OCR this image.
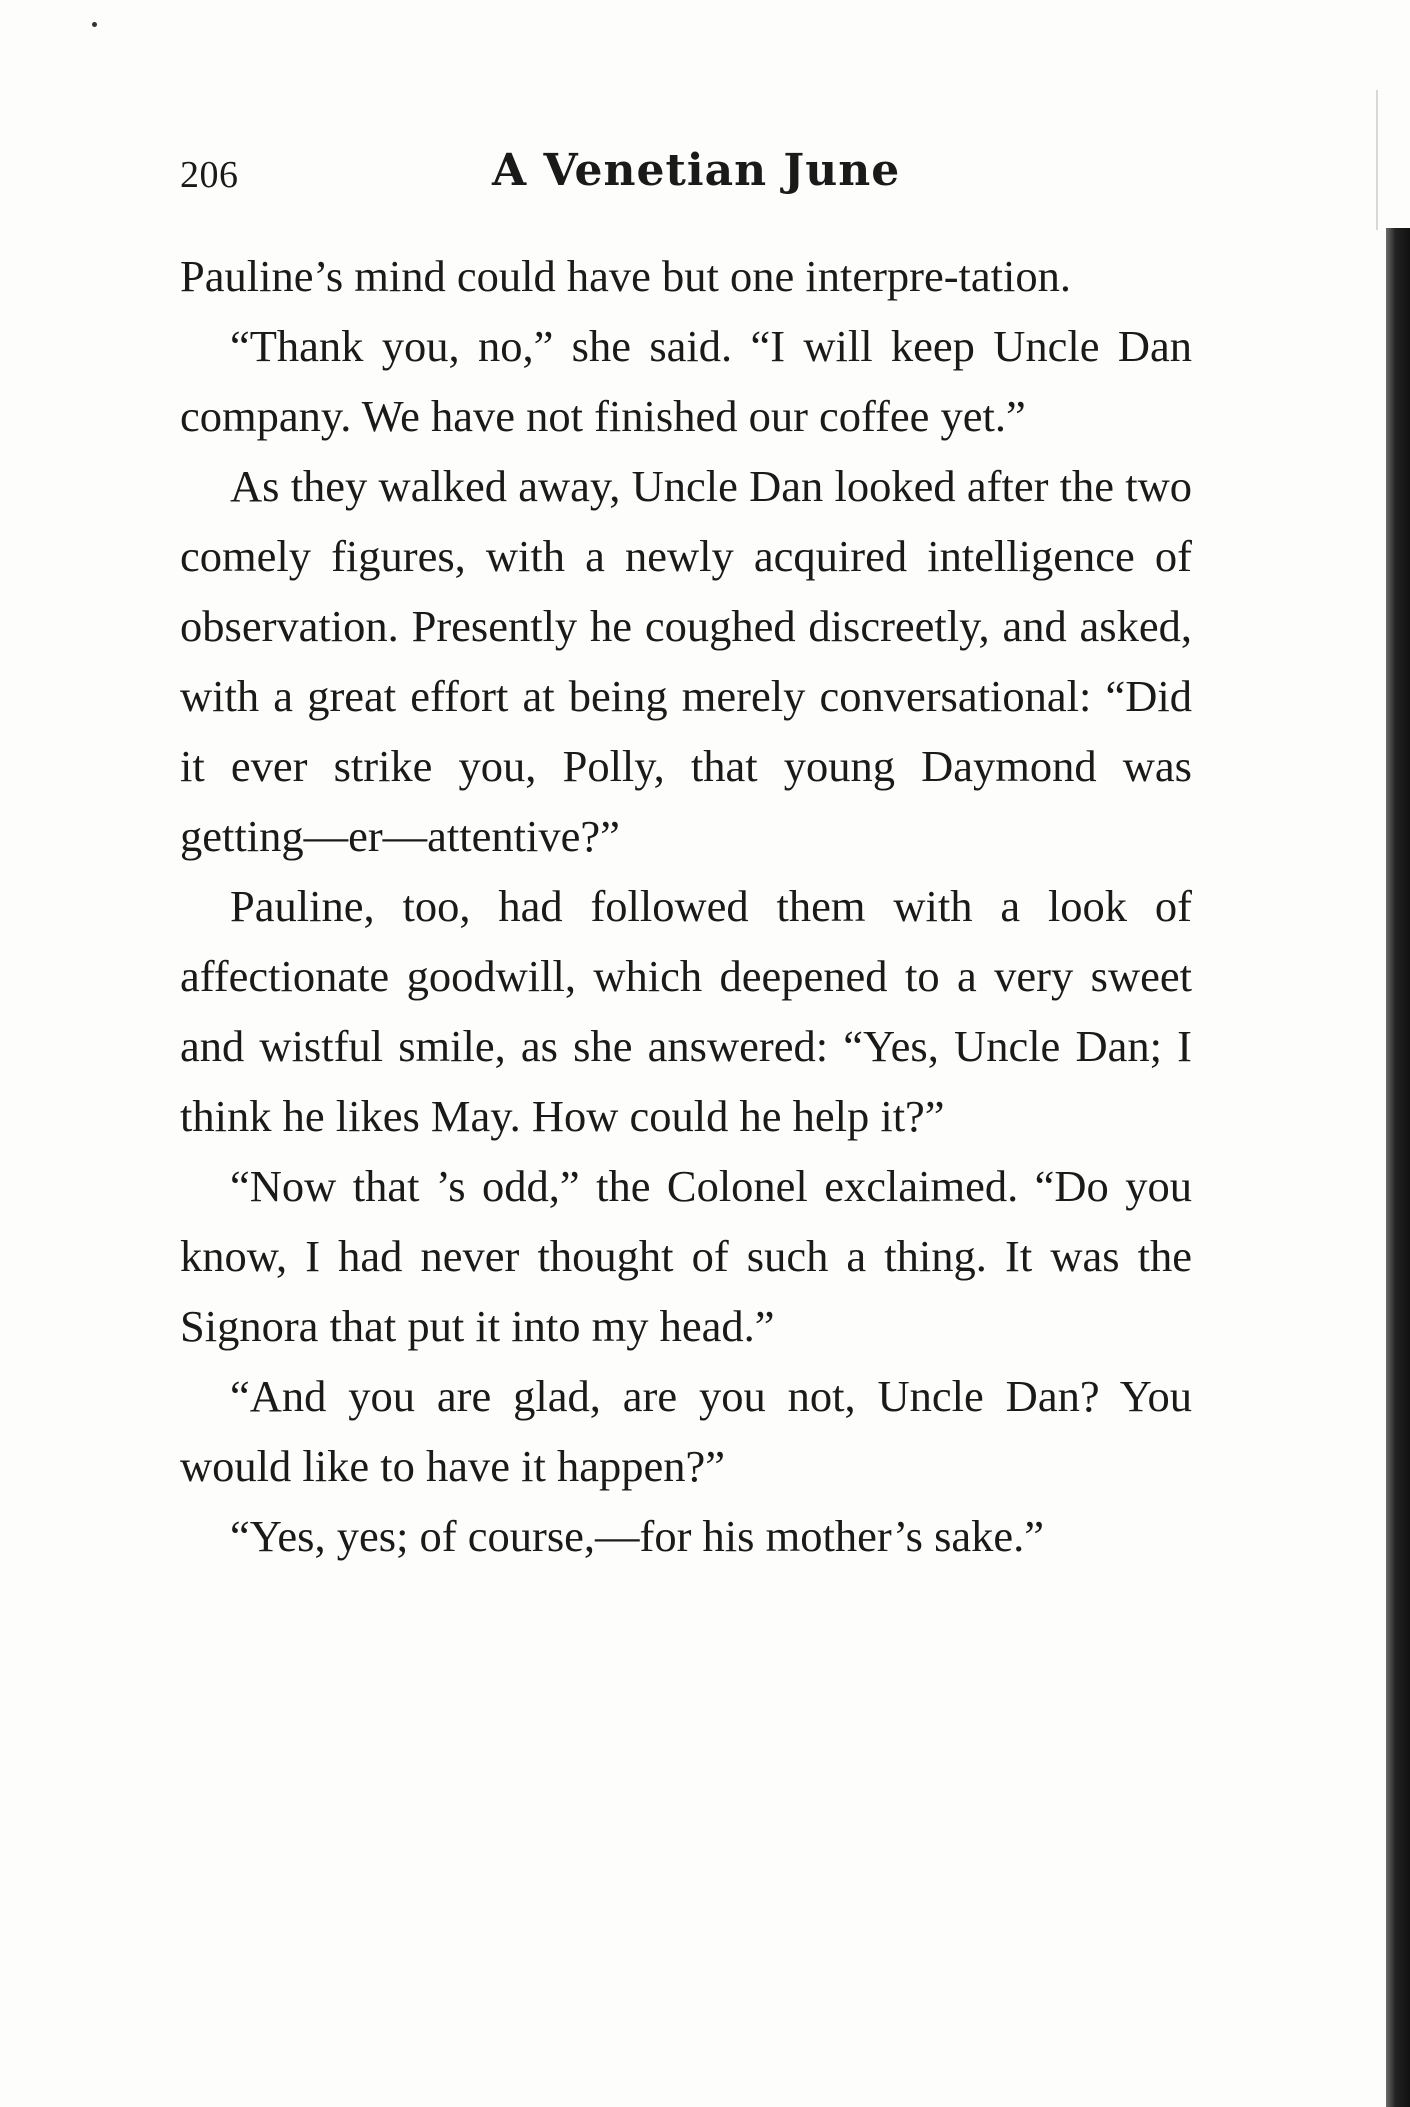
206	A Venetian June

Pauline’s mind could have but one interpre-tation.

“Thank you, no,” she said. “I will keep Uncle Dan company. We have not finished our coffee yet.”

As they walked away, Uncle Dan looked after the two comely figures, with a newly acquired intelligence of observation. Presently he coughed discreetly, and asked, with a great effort at being merely conversational: “Did it ever strike you, Polly, that young Daymond was getting—er—attentive?”

Pauline, too, had followed them with a look of affectionate goodwill, which deepened to a very sweet and wistful smile, as she answered: “Yes, Uncle Dan; I think he likes May. How could he help it?”

“Now that ’s odd,” the Colonel exclaimed. “Do you know, I had never thought of such a thing. It was the Signora that put it into my head.”

“And you are glad, are you not, Uncle Dan? You would like to have it happen?”

“Yes, yes; of course,—for his mother’s sake.”
